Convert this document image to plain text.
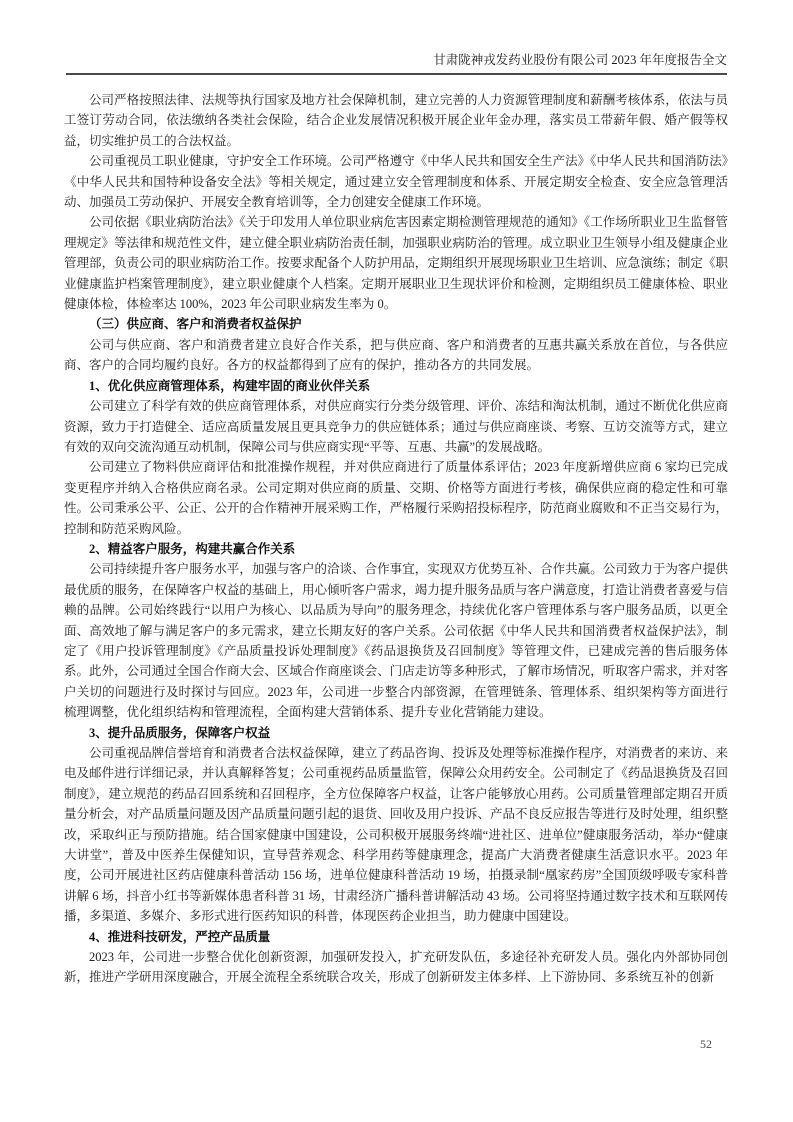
甘肃陇神戎发药业股份有限公司 2023 年年度报告全文

公司严格按照法律、法规等执行国家及地方社会保障机制，建立完善的人力资源管理制度和薪酬考核体系，依法与员工签订劳动合同，依法缴纳各类社会保险，结合企业发展情况积极开展企业年金办理，落实员工带薪年假、婚产假等权益，切实维护员工的合法权益。

公司重视员工职业健康，守护安全工作环境。公司严格遵守《中华人民共和国安全生产法》《中华人民共和国消防法》《中华人民共和国特种设备安全法》等相关规定，通过建立安全管理制度和体系、开展定期安全检查、安全应急管理活动、加强员工劳动保护、开展安全教育培训等，全力创建安全健康工作环境。

公司依据《职业病防治法》《关于印发用人单位职业病危害因素定期检测管理规范的通知》《工作场所职业卫生监督管理规定》等法律和规范性文件，建立健全职业病防治责任制，加强职业病防治的管理。成立职业卫生领导小组及健康企业管理部，负责公司的职业病防治工作。按要求配备个人防护用品，定期组织开展现场职业卫生培训、应急演练；制定《职业健康监护档案管理制度》，建立职业健康个人档案。定期开展职业卫生现状评价和检测，定期组织员工健康体检、职业健康体检，体检率达 100%，2023 年公司职业病发生率为 0。

（三）供应商、客户和消费者权益保护

公司与供应商、客户和消费者建立良好合作关系，把与供应商、客户和消费者的互惠共赢关系放在首位，与各供应商、客户的合同均履约良好。各方的权益都得到了应有的保护，推动各方的共同发展。

1、优化供应商管理体系，构建牢固的商业伙伴关系

公司建立了科学有效的供应商管理体系，对供应商实行分类分级管理、评价、冻结和淘汰机制，通过不断优化供应商资源，致力于打造健全、适应高质量发展且更具竞争力的供应链体系；通过与供应商座谈、考察、互访交流等方式，建立有效的双向交流沟通互动机制，保障公司与供应商实现“平等、互惠、共赢”的发展战略。

公司建立了物料供应商评估和批准操作规程，并对供应商进行了质量体系评估；2023 年度新增供应商 6 家均已完成变更程序并纳入合格供应商名录。公司定期对供应商的质量、交期、价格等方面进行考核，确保供应商的稳定性和可靠性。公司秉承公平、公正、公开的合作精神开展采购工作，严格履行采购招投标程序，防范商业腐败和不正当交易行为，控制和防范采购风险。

2、精益客户服务，构建共赢合作关系

公司持续提升客户服务水平，加强与客户的洽谈、合作事宜，实现双方优势互补、合作共赢。公司致力于为客户提供最优质的服务，在保障客户权益的基础上，用心倾听客户需求，竭力提升服务品质与客户满意度，打造让消费者喜爱与信赖的品牌。公司始终践行“以用户为核心、以品质为导向”的服务理念，持续优化客户管理体系与客户服务品质，以更全面、高效地了解与满足客户的多元需求，建立长期友好的客户关系。公司依据《中华人民共和国消费者权益保护法》，制定了《用户投诉管理制度》《产品质量投诉处理制度》《药品退换货及召回制度》等管理文件，已建成完善的售后服务体系。此外，公司通过全国合作商大会、区域合作商座谈会、门店走访等多种形式，了解市场情况，听取客户需求，并对客户关切的问题进行及时探讨与回应。2023 年，公司进一步整合内部资源，在管理链条、管理体系、组织架构等方面进行梳理调整，优化组织结构和管理流程，全面构建大营销体系、提升专业化营销能力建设。

3、提升品质服务，保障客户权益

公司重视品牌信誉培育和消费者合法权益保障，建立了药品咨询、投诉及处理等标准操作程序，对消费者的来访、来电及邮件进行详细记录，并认真解释答复；公司重视药品质量监管，保障公众用药安全。公司制定了《药品退换货及召回制度》，建立规范的药品召回系统和召回程序，全方位保障客户权益，让客户能够放心用药。公司质量管理部定期召开质量分析会，对产品质量问题及因产品质量问题引起的退货、回收及用户投诉、产品不良反应报告等进行及时处理，组织整改，采取纠正与预防措施。结合国家健康中国建设，公司积极开展服务终端“进社区、进单位”健康服务活动，举办“健康大讲堂”，普及中医养生保健知识，宣导营养观念、科学用药等健康理念，提高广大消费者健康生活意识水平。2023 年度，公司开展进社区药店健康科普活动 156 场，进单位健康科普活动 19 场，拍摄录制“凰家药房”全国顶级呼吸专家科普讲解 6 场，抖音小红书等新媒体患者科普 31 场，甘肃经济广播科普讲解活动 43 场。公司将坚持通过数字技术和互联网传播，多渠道、多媒介、多形式进行医药知识的科普，体现医药企业担当，助力健康中国建设。

4、推进科技研发，严控产品质量

2023 年，公司进一步整合优化创新资源，加强研发投入，扩充研发队伍，多途径补充研发人员。强化内外部协同创新，推进产学研用深度融合，开展全流程全系统联合攻关，形成了创新研发主体多样、上下游协同、多系统互补的创新

52
